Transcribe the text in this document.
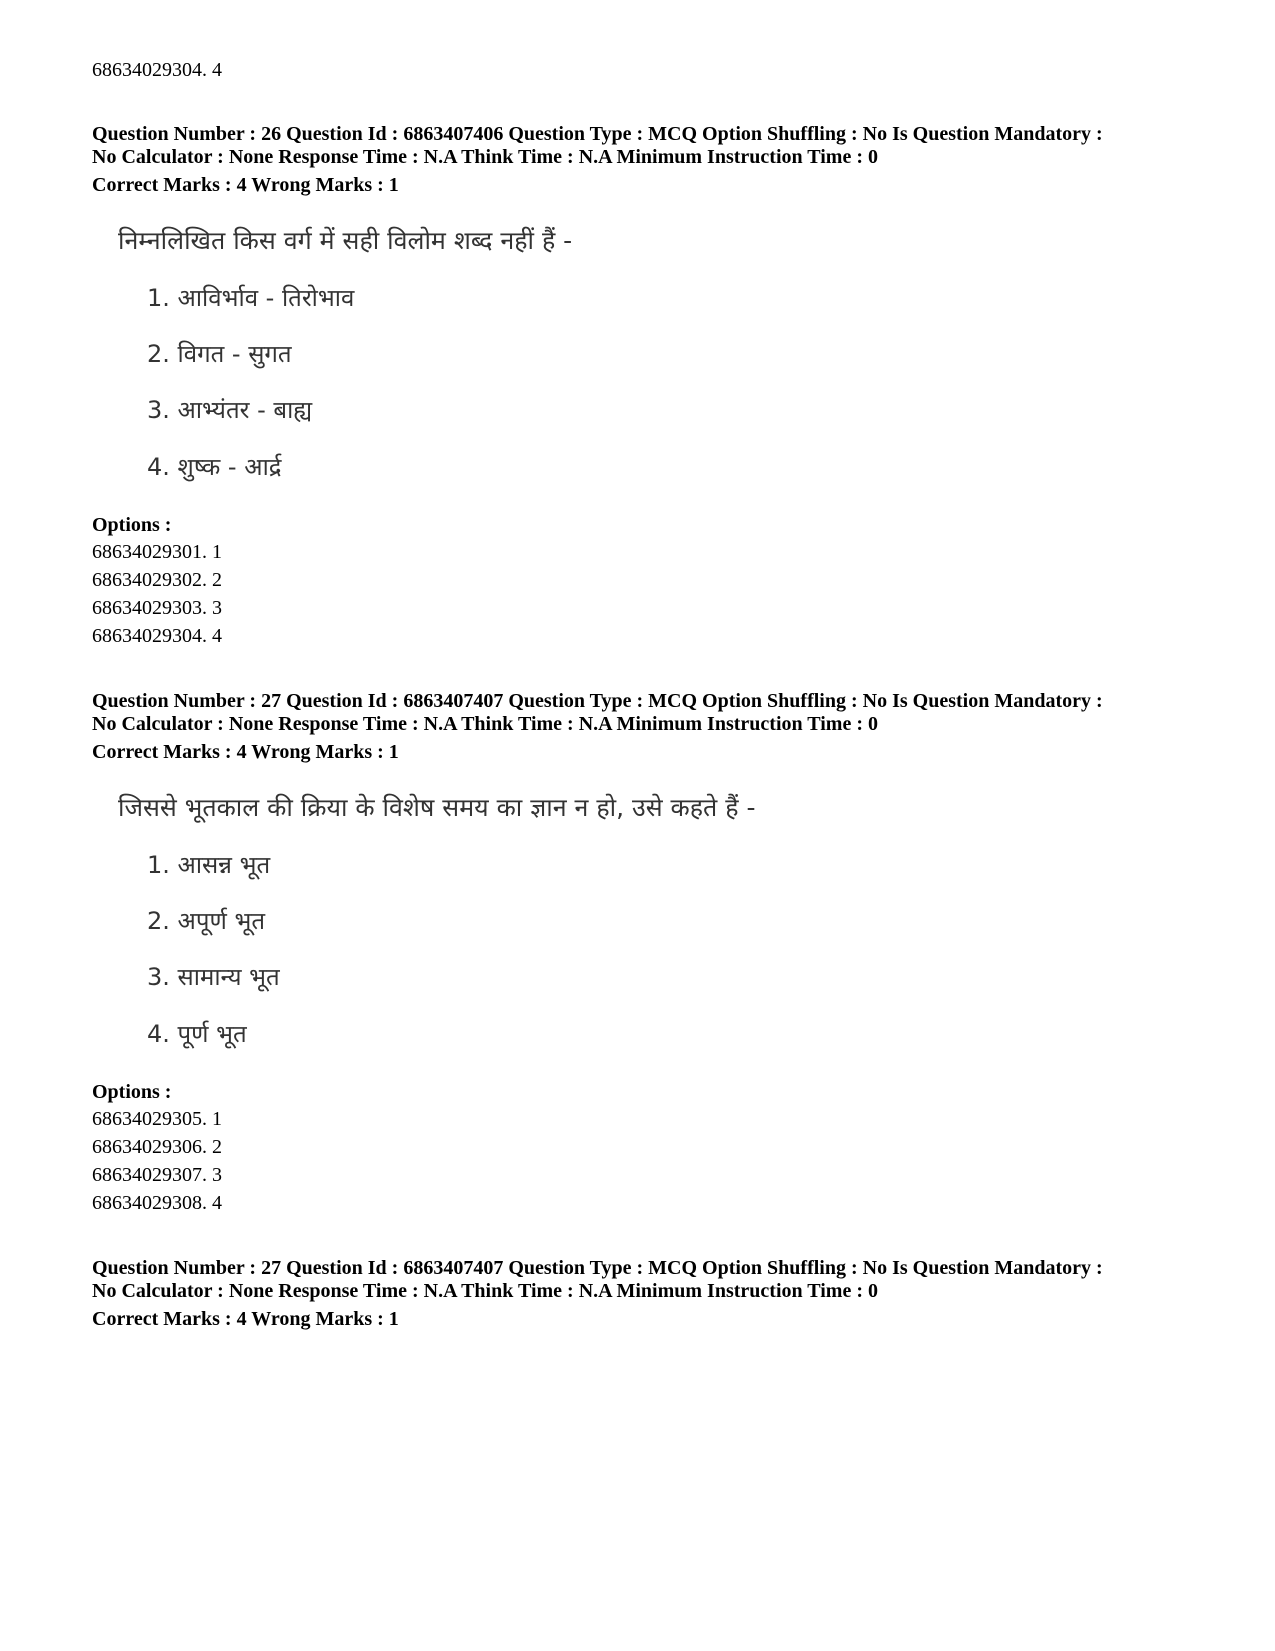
68634029304. 4
Question Number : 26 Question Id : 6863407406 Question Type : MCQ Option Shuffling : No Is Question Mandatory :
No Calculator : None Response Time : N.A Think Time : N.A Minimum Instruction Time : 0
Correct Marks : 4 Wrong Marks : 1
निम्नलिखित किस वर्ग में सही विलोम शब्द नहीं हैं -
1. आविर्भाव - तिरोभाव
2. विगत - सुगत
3. आभ्यंतर - बाह्य
4. शुष्क - आर्द्र
Options :
68634029301. 1
68634029302. 2
68634029303. 3
68634029304. 4
Question Number : 27 Question Id : 6863407407 Question Type : MCQ Option Shuffling : No Is Question Mandatory :
No Calculator : None Response Time : N.A Think Time : N.A Minimum Instruction Time : 0
Correct Marks : 4 Wrong Marks : 1
जिससे भूतकाल की क्रिया के विशेष समय का ज्ञान न हो, उसे कहते हैं -
1. आसन्न भूत
2. अपूर्ण भूत
3. सामान्य भूत
4. पूर्ण भूत
Options :
68634029305. 1
68634029306. 2
68634029307. 3
68634029308. 4
Question Number : 27 Question Id : 6863407407 Question Type : MCQ Option Shuffling : No Is Question Mandatory :
No Calculator : None Response Time : N.A Think Time : N.A Minimum Instruction Time : 0
Correct Marks : 4 Wrong Marks : 1
